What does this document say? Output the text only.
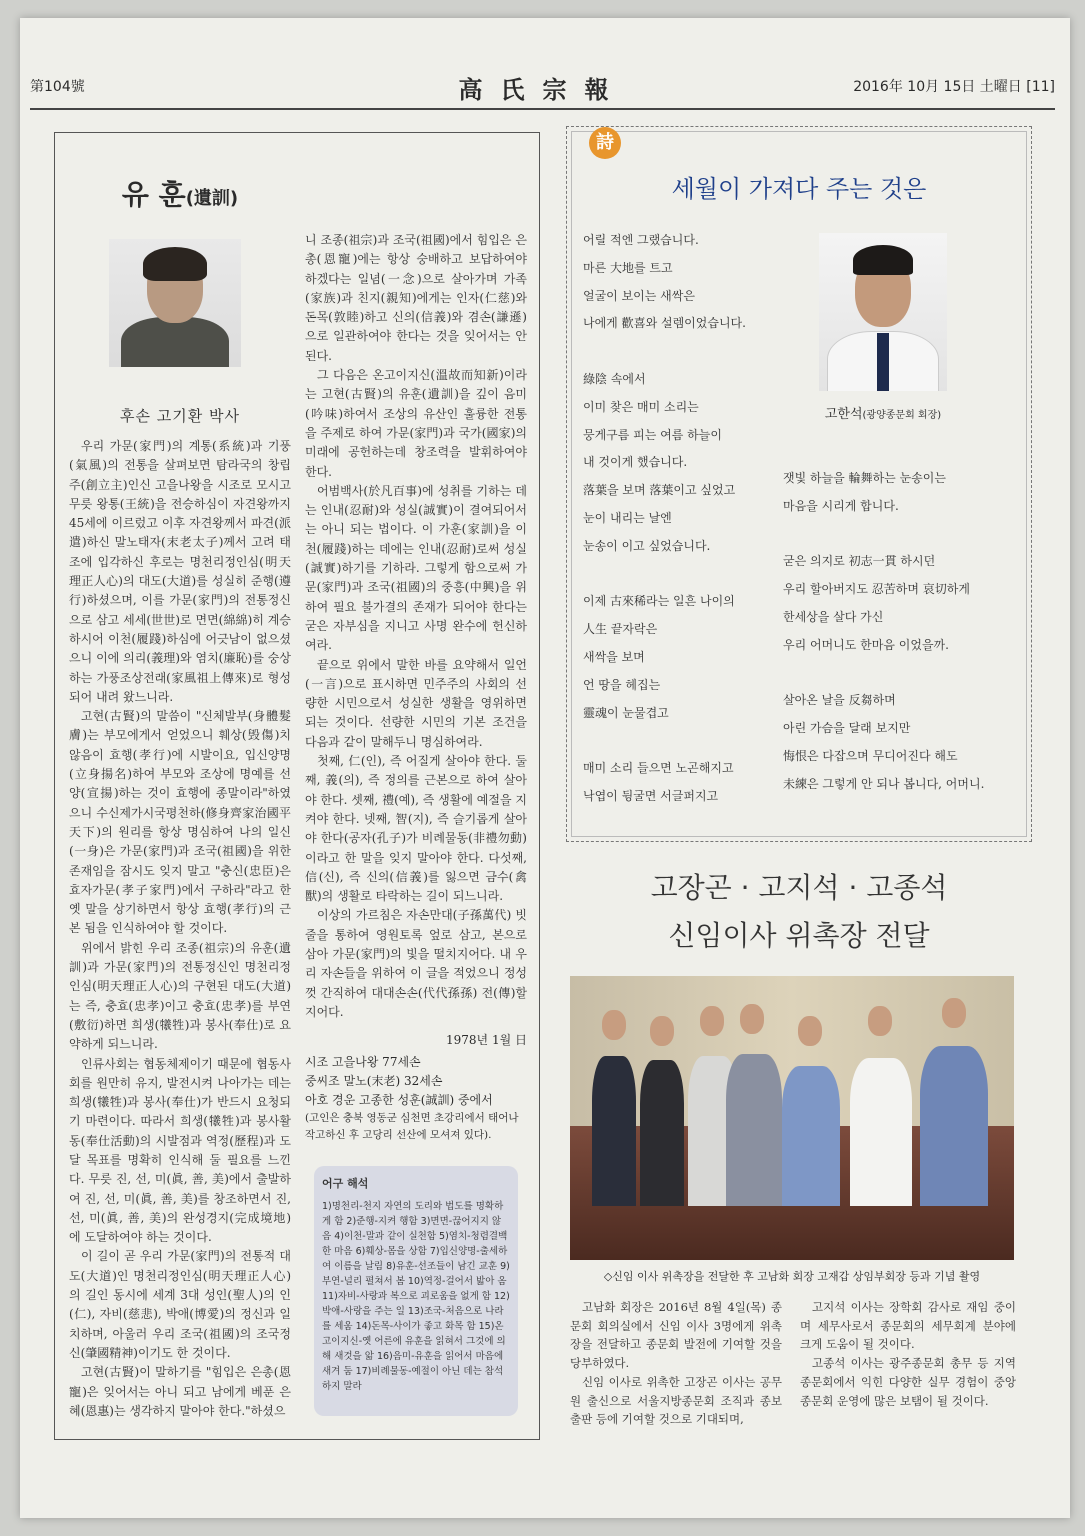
第104號	高氏宗報	2016年 10月 15日 土曜日 [11]
유 훈(遺訓)
후손 고기환 박사

우리 가문(家門)의 계통(系統)과 기풍(氣風)의 전통을 살펴보면 탐라국의 창립주(創立主)인신 고을나왕을 시조로 모시고 무릇 왕통(王統)을 전승하심이 자견왕까지 45세에 이르렀고 이후 자견왕께서 파견(派遣)하신 말노태자(末老太子)께서 고려 태조에 입각하신 후로는 명천리정인심(明天理正人心)의 대도(大道)를 성실히 준행(遵行)하셨으며, 이를 가문(家門)의 전통정신으로 삼고 세세(世世)로 면면(綿綿)히 계승하시어 이천(履踐)하심에 어긋남이 없으셨으니 이에 의리(義理)와 염치(廉恥)를 숭상하는 가풍조상전래(家風祖上傳來)로 형성되어 내려 왔느니라.

고현(古賢)의 말씀이 "신체발부(身體髮膚)는 부모에게서 얻었으니 훼상(毁傷)치 않음이 효행(孝行)에 시발이요, 입신양명(立身揚名)하여 부모와 조상에 명예를 선양(宣揚)하는 것이 효행에 종말이라"하였으니 수신제가시국평천하(修身齊家治國平天下)의 원리를 항상 명심하여 나의 일신(一身)은 가문(家門)과 조국(祖國)을 위한 존재임을 잠시도 잊지 말고 "충신(忠臣)은 효자가문(孝子家門)에서 구하라"라고 한 옛 말을 상기하면서 항상 효행(孝行)의 근본 됨을 인식하여야 할 것이다.

위에서 밝힌 우리 조종(祖宗)의 유훈(遺訓)과 가문(家門)의 전통정신인 명천리정인심(明天理正人心)의 구현된 대도(大道)는 즉, 충효(忠孝)이고 충효(忠孝)를 부연(敷衍)하면 희생(犧牲)과 봉사(奉仕)로 요약하게 되느니라.

인류사회는 협동체제이기 때문에 협동사회를 원만히 유지, 발전시켜 나아가는 데는 희생(犧牲)과 봉사(奉仕)가 반드시 요청되기 마련이다. 따라서 희생(犧牲)과 봉사활동(奉仕活動)의 시발점과 역정(歷程)과 도달 목표를 명확히 인식해 둘 필요를 느낀다. 무릇 진, 선, 미(眞, 善, 美)에서 출발하여 진, 선, 미(眞, 善, 美)를 창조하면서 진, 선, 미(眞, 善, 美)의 완성경지(完成境地)에 도달하여야 하는 것이다.

이 길이 곧 우리 가문(家門)의 전통적 대도(大道)인 명천리정인심(明天理正人心)의 길인 동시에 세계 3대 성인(聖人)의 인(仁), 자비(慈悲), 박애(博愛)의 정신과 일치하며, 아울러 우리 조국(祖國)의 조국정신(肇國精神)이기도 한 것이다.

고현(古賢)이 말하기를 "힘입은 은총(恩寵)은 잊어서는 아니 되고 남에게 베푼 은혜(恩惠)는 생각하지 말아야 한다."하셨으

니 조종(祖宗)과 조국(祖國)에서 힘입은 은총(恩寵)에는 항상 숭배하고 보답하여야 하겠다는 일념(一念)으로 살아가며 가족(家族)과 친지(親知)에게는 인자(仁慈)와 돈목(敦睦)하고 신의(信義)와 겸손(謙遜)으로 일관하여야 한다는 것을 잊어서는 안 된다.

그 다음은 온고이지신(溫故而知新)이라는 고현(古賢)의 유훈(遺訓)을 깊이 음미(吟味)하여서 조상의 유산인 훌륭한 전통을 주제로 하여 가문(家門)과 국가(國家)의 미래에 공헌하는데 창조력을 발휘하여야 한다.

어범백사(於凡百事)에 성취를 기하는 데는 인내(忍耐)와 성실(誠實)이 결여되어서는 아니 되는 법이다. 이 가훈(家訓)을 이천(履踐)하는 데에는 인내(忍耐)로써 성실(誠實)하기를 기하라. 그렇게 함으로써 가문(家門)과 조국(祖國)의 중흥(中興)을 위하여 필요 불가결의 존재가 되어야 한다는 굳은 자부심을 지니고 사명 완수에 헌신하여라.

끝으로 위에서 말한 바를 요약해서 일언(一言)으로 표시하면 민주주의 사회의 선량한 시민으로서 성실한 생활을 영위하면 되는 것이다. 선량한 시민의 기본 조건을 다음과 같이 말해두니 명심하여라.

첫째, 仁(인), 즉 어질게 살아야 한다. 둘째, 義(의), 즉 정의를 근본으로 하여 살아야 한다. 셋째, 禮(예), 즉 생활에 예절을 지켜야 한다. 넷째, 智(지), 즉 슬기롭게 살아야 한다(공자(孔子)가 비례물동(非禮勿動)이라고 한 말을 잊지 말아야 한다. 다섯째, 信(신), 즉 신의(信義)를 잃으면 금수(禽獸)의 생활로 타락하는 길이 되느니라.

이상의 가르침은 자손만대(子孫萬代) 빗줄을 통하여 영원토록 엎로 삼고, 본으로 삼아 가문(家門)의 빛을 떨치지어다. 내 우리 자손들을 위하여 이 글을 적었으니 정성껏 간직하여 대대손손(代代孫孫) 전(傳)할 지어다.

1978년 1월 日
시조 고을나왕 77세손
중씨조 말노(末老) 32세손
아호 경운 고종한 성훈(誠訓) 중에서
(고인은 충북 영동군 심천면 초강리에서 태어나 작고하신 후 고당리 선산에 모셔져 있다).
어구 해석
1)명천리-천지 자연의 도리와 법도를 명확하게 함 2)준행-지켜 행함 3)면면-끊어지지 않음 4)이천-말과 같이 실천함 5)염치-청렴결백한 마음 6)훼상-몸을 상함 7)입신양명-출세하여 이름을 날림 8)유훈-선조들이 남긴 교훈 9)부연-널리 펼쳐서 봄 10)역정-걸어서 밟아 옴 11)자비-사랑과 복으로 괴로움을 없게 함 12)박애-사랑을 주는 일 13)조국-처음으로 나라를 세움 14)돈목-사이가 좋고 화목 함 15)온고이지신-옛 어른에 유훈을 읽혀서 그것에 의해 새것을 앎 16)음미-유훈을 읽어서 마음에 새겨 둠 17)비례물동-예절이 아닌 데는 참석하지 말라
詩
세월이 가져다 주는 것은
고한석(광양종문회 회장)
어릴 적엔 그랬습니다.
마른 大地를 트고
얼굴이 보이는 새싹은
나에게 歡喜와 설렘이었습니다.
綠陰 속에서
이미 찾은 매미 소리는
뭉게구름 피는 여름 하늘이
내 것이게 했습니다.
落葉을 보며 落葉이고 싶었고
눈이 내리는 날엔
눈송이 이고 싶었습니다.
이제 古來稀라는 일흔 나이의
人生 끝자락은
새싹을 보며
언 땅을 헤집는
靈魂이 눈물겹고
매미 소리 들으면 노곤해지고
낙엽이 뒹굴면 서글퍼지고
잿빛 하늘을 輪舞하는 눈송이는
마음을 시리게 합니다.
굳은 의지로 初志一貫 하시던
우리 할아버지도 忍苦하며 哀切하게
한세상을 살다 가신
우리 어머니도 한마음 이었을까.
살아온 날을 反芻하며
아린 가슴을 달래 보지만
悔恨은 다잡으며 무디어진다 해도
未練은 그렇게 안 되나 봅니다, 어머니.
고장곤 · 고지석 · 고종석
신임이사 위촉장 전달
◇신임 이사 위촉장을 전달한 후 고남화 회장 고재갑 상임부회장 등과 기념 촬영

고남화 회장은 2016년 8월 4일(목) 종문회 회의실에서 신임 이사 3명에게 위촉장을 전달하고 종문회 발전에 기여할 것을 당부하였다.

신임 이사로 위촉한 고장곤 이사는 공무원 출신으로 서울지방종문회 조직과 종보 출판 등에 기여할 것으로 기대되며,

고지석 이사는 장학회 감사로 재임 중이며 세무사로서 종문회의 세무회계 분야에 크게 도움이 될 것이다.

고종석 이사는 광주종문회 총무 등 지역종문회에서 익힌 다양한 실무 경험이 중앙종문회 운영에 많은 보탬이 될 것이다.
